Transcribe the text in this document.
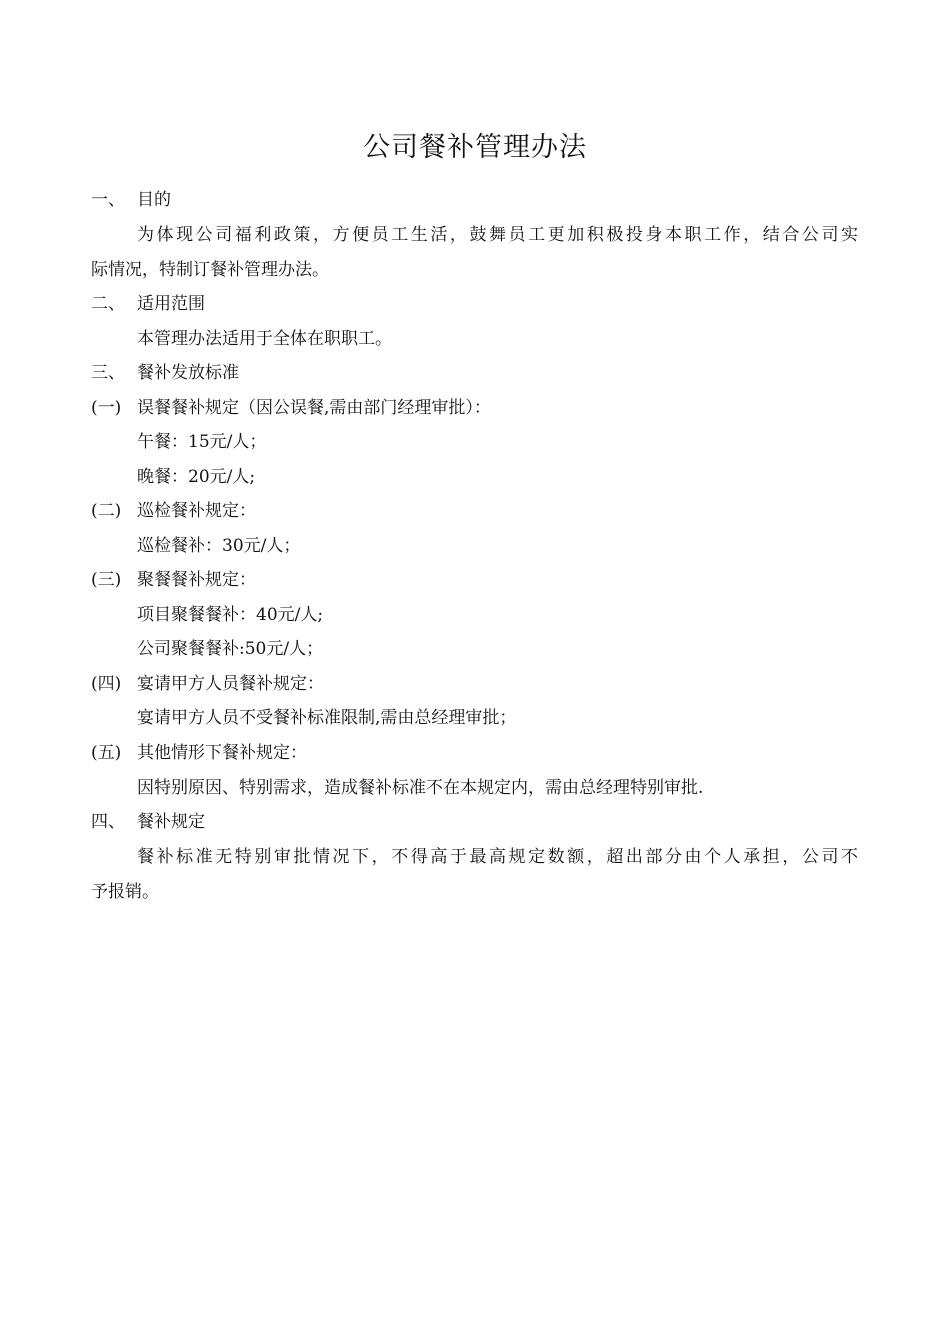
公司餐补管理办法
一、 目的
为体现公司福利政策，方便员工生活，鼓舞员工更加积极投身本职工作，结合公司实
际情况，特制订餐补管理办法。
二、 适用范围
本管理办法适用于全体在职职工。
三、 餐补发放标准
(一) 误餐餐补规定（因公误餐,需由部门经理审批）：
午餐：15元/人；
晚餐：20元/人;
(二) 巡检餐补规定：
巡检餐补：30元/人；
(三) 聚餐餐补规定：
项目聚餐餐补：40元/人;
公司聚餐餐补:50元/人；
(四) 宴请甲方人员餐补规定：
宴请甲方人员不受餐补标准限制,需由总经理审批；
(五) 其他情形下餐补规定：
因特别原因、特别需求，造成餐补标准不在本规定内，需由总经理特别审批.
四、 餐补规定
餐补标准无特别审批情况下，不得高于最高规定数额，超出部分由个人承担，公司不
予报销。
